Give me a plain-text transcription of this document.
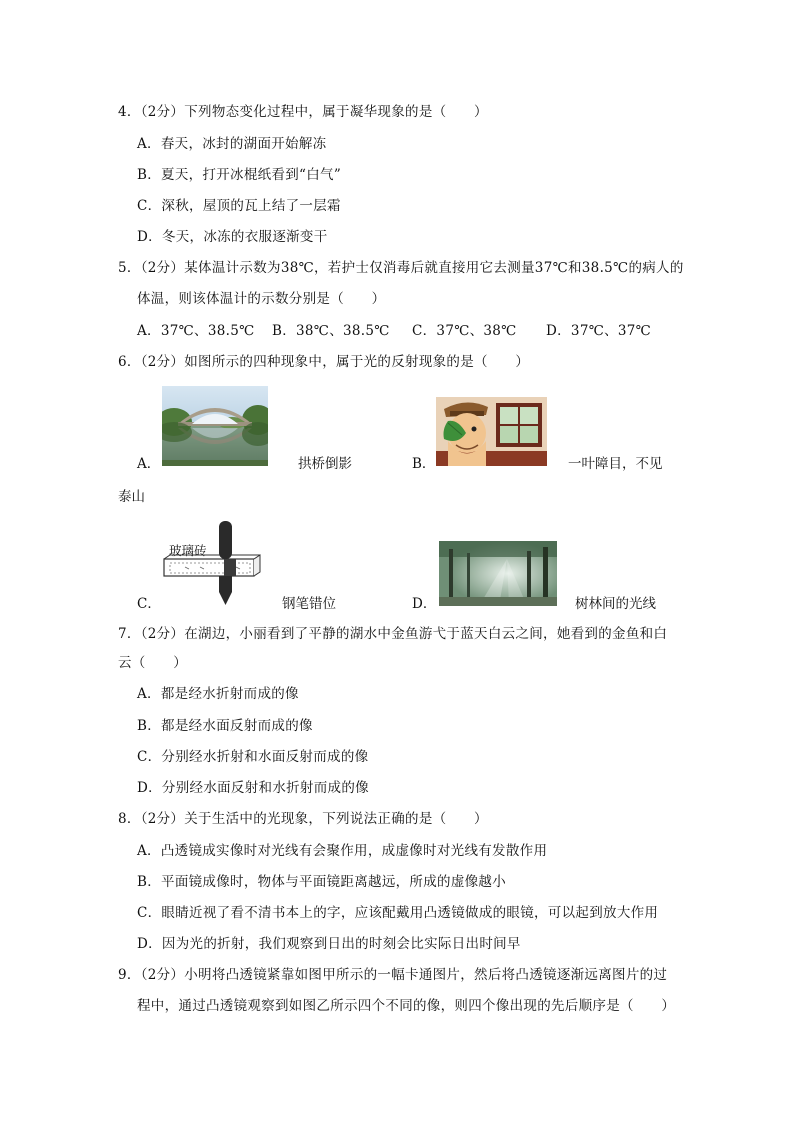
4．（2分）下列物态变化过程中，属于凝华现象的是（　　）
A．春天，冰封的湖面开始解冻
B．夏天，打开冰棍纸看到“白气”
C．深秋，屋顶的瓦上结了一层霜
D．冬天，冰冻的衣服逐渐变干
5．（2分）某体温计示数为38℃，若护士仅消毒后就直接用它去测量37℃和38.5℃的病人的
体温，则该体温计的示数分别是（　　）
A．37℃、38.5℃ B．38℃、38.5℃ C．37℃、38℃ D．37℃、37℃
6．（2分）如图所示的四种现象中，属于光的反射现象的是（　　）
A．	拱桥倒影	B．	一叶障目，不见
泰山
C．
玻璃砖
钢笔错位	D．	树林间的光线
7．（2分）在湖边，小丽看到了平静的湖水中金鱼游弋于蓝天白云之间，她看到的金鱼和白
云（　　）
A．都是经水折射而成的像
B．都是经水面反射而成的像
C．分别经水折射和水面反射而成的像
D．分别经水面反射和水折射而成的像
8．（2分）关于生活中的光现象，下列说法正确的是（　　）
A．凸透镜成实像时对光线有会聚作用，成虚像时对光线有发散作用
B．平面镜成像时，物体与平面镜距离越远，所成的虚像越小
C．眼睛近视了看不清书本上的字，应该配戴用凸透镜做成的眼镜，可以起到放大作用
D．因为光的折射，我们观察到日出的时刻会比实际日出时间早
9．（2分）小明将凸透镜紧靠如图甲所示的一幅卡通图片，然后将凸透镜逐渐远离图片的过
程中，通过凸透镜观察到如图乙所示四个不同的像，则四个像出现的先后顺序是（　　）
